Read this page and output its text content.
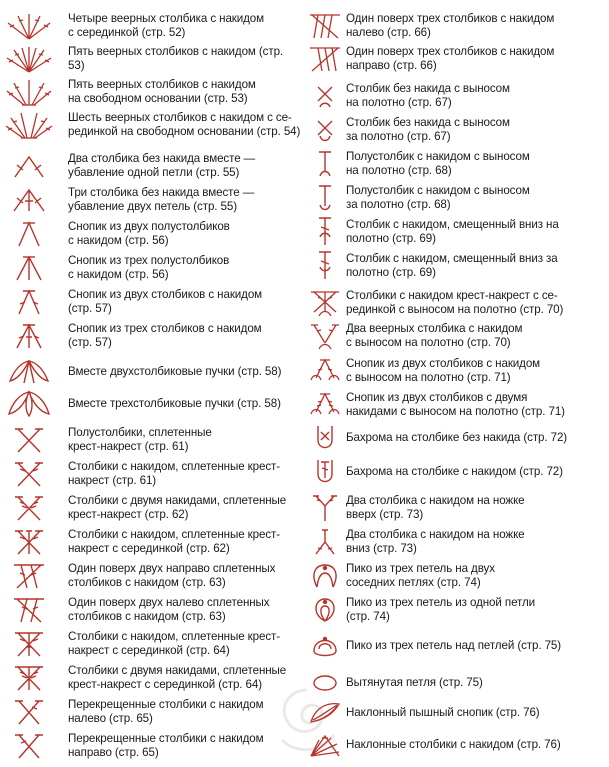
Четыре веерных столбика с накидом
с серединкой (стр. 52)
Пять веерных столбиков с накидом (стр.
53)
Пять веерных столбиков с накидом
на свободном основании (стр. 53)
Шесть веерных столбиков с накидом с се-
рединкой на свободном основании (стр. 54)
Два столбика без накида вместе —
убавление одной петли (стр. 55)
Три столбика без накида вместе —
убавление двух петель (стр. 55)
Снопик из двух полустолбиков
с накидом (стр. 56)
Снопик из трех полустолбиков
с накидом (стр. 56)
Снопик из двух столбиков с накидом
(стр. 57)
Снопик из трех столбиков с накидом
(стр. 57)
Вместе двухстолбиковые пучки (стр. 58)
Вместе трехстолбиковые пучки (стр. 58)
Полустолбики, сплетенные
крест-накрест (стр. 61)
Столбики с накидом, сплетенные крест-
накрест (стр. 61)
Столбики с двумя накидами, сплетенные
крест-накрест (стр. 62)
Столбики с накидом, сплетенные крест-
накрест с серединкой (стр. 62)
Один поверх двух направо сплетенных
столбиков с накидом (стр. 63)
Один поверх двух налево сплетенных
столбиков с накидом (стр. 63)
Столбики с накидом, сплетенные крест-
накрест с серединкой (стр. 64)
Столбики с двумя накидами, сплетенные
крест-накрест с серединкой (стр. 64)
Перекрещенные столбики с накидом
налево (стр. 65)
Перекрещенные столбики с накидом
направо (стр. 65)
Один поверх трех столбиков с накидом
налево (стр. 66)
Один поверх трех столбиков с накидом
направо (стр. 66)
Столбик без накида с выносом
на полотно (стр. 67)
Столбик без накида с выносом
за полотно (стр. 67)
Полустолбик с накидом с выносом
на полотно (стр. 68)
Полустолбик с накидом с выносом
за полотно (стр. 68)
Столбик с накидом, смещенный вниз на
полотно (стр. 69)
Столбик с накидом, смещенный вниз за
полотно (стр. 69)
Столбики с накидом крест-накрест с се-
рединкой с выносом на полотно (стр. 70)
Два веерных столбика с накидом
с выносом на полотно (стр. 70)
Снопик из двух столбиков с накидом
с выносом на полотно (стр. 71)
Снопик из двух столбиков с двумя
накидами с выносом на полотно (стр. 71)
Бахрома на столбике без накида (стр. 72)
Бахрома на столбике с накидом (стр. 72)
Два столбика с накидом на ножке
вверх (стр. 73)
Два столбика с накидом на ножке
вниз (стр. 73)
Пико из трех петель на двух
соседних петлях (стр. 74)
Пико из трех петель из одной петли
(стр. 74)
Пико из трех петель над петлей (стр. 75)
Вытянутая петля (стр. 75)
Наклонный пышный снопик (стр. 76)
Наклонные столбики с накидом (стр. 76)
